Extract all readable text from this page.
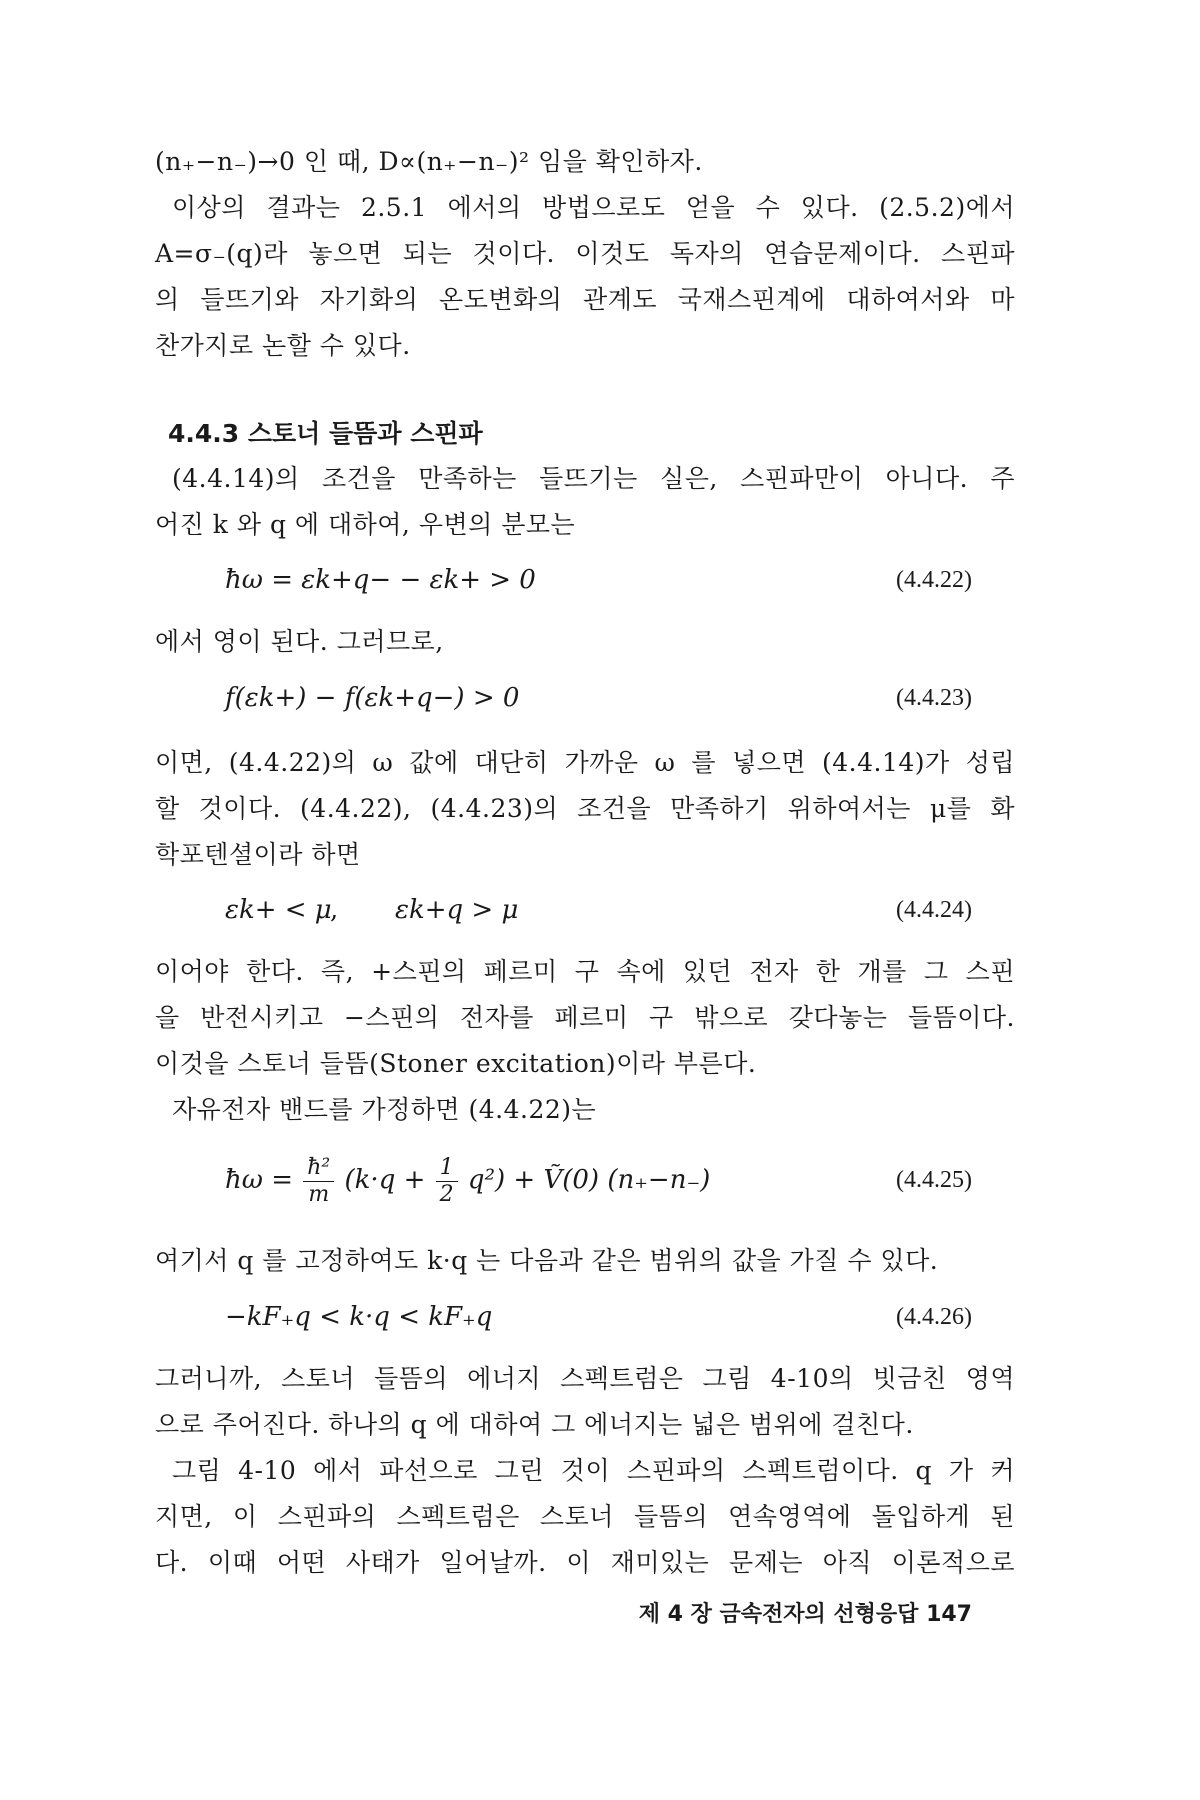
(n₊−n₋)→0 인 때, D∝(n₊−n₋)² 임을 확인하자.
이상의 결과는 2.5.1 에서의 방법으로도 얻을 수 있다. (2.5.2)에서
A=σ₋(q)라 놓으면 되는 것이다. 이것도 독자의 연습문제이다. 스핀파
의 들뜨기와 자기화의 온도변화의 관계도 국재스핀계에 대하여서와 마
찬가지로 논할 수 있다.
4.4.3 스토너 들뜸과 스핀파
(4.4.14)의 조건을 만족하는 들뜨기는 실은, 스핀파만이 아니다. 주
어진 k 와 q 에 대하여, 우변의 분모는
ħω = εk+q− − εk+ > 0	(4.4.22)
에서 영이 된다. 그러므로,
f(εk+) − f(εk+q−) > 0	(4.4.23)
이면, (4.4.22)의 ω 값에 대단히 가까운 ω 를 넣으면 (4.4.14)가 성립
할 것이다. (4.4.22), (4.4.23)의 조건을 만족하기 위하여서는 μ를 화
학포텐셜이라 하면
εk+ < μ
, εk+q > μ	(4.4.24)
이어야 한다. 즉, +스핀의 페르미 구 속에 있던 전자 한 개를 그 스핀
을 반전시키고 −스핀의 전자를 페르미 구 밖으로 갖다놓는 들뜸이다.
이것을 스토너 들뜸(Stoner excitation)이라 부른다.
자유전자 밴드를 가정하면 (4.4.22)는
ħω = $\frac{\text{ħ²}}{m} (k\cdot q + \frac{1}{2} q^2)$ + Ṽ(0) (n₊−n₋)	(4.4.25)
여기서 q 를 고정하여도 k·q 는 다음과 같은 범위의 값을 가질 수 있다.
−kF₊q < k·q < kF₊q	(4.4.26)
그러니까, 스토너 들뜸의 에너지 스펙트럼은 그림 4-10의 빗금친 영역
으로 주어진다. 하나의 q 에 대하여 그 에너지는 넓은 범위에 걸친다.
그림 4-10 에서 파선으로 그린 것이 스핀파의 스펙트럼이다. q 가 커
지면, 이 스핀파의 스펙트럼은 스토너 들뜸의 연속영역에 돌입하게 된
다. 이때 어떤 사태가 일어날까. 이 재미있는 문제는 아직 이론적으로
제 4 장 금속전자의 선형응답 147
